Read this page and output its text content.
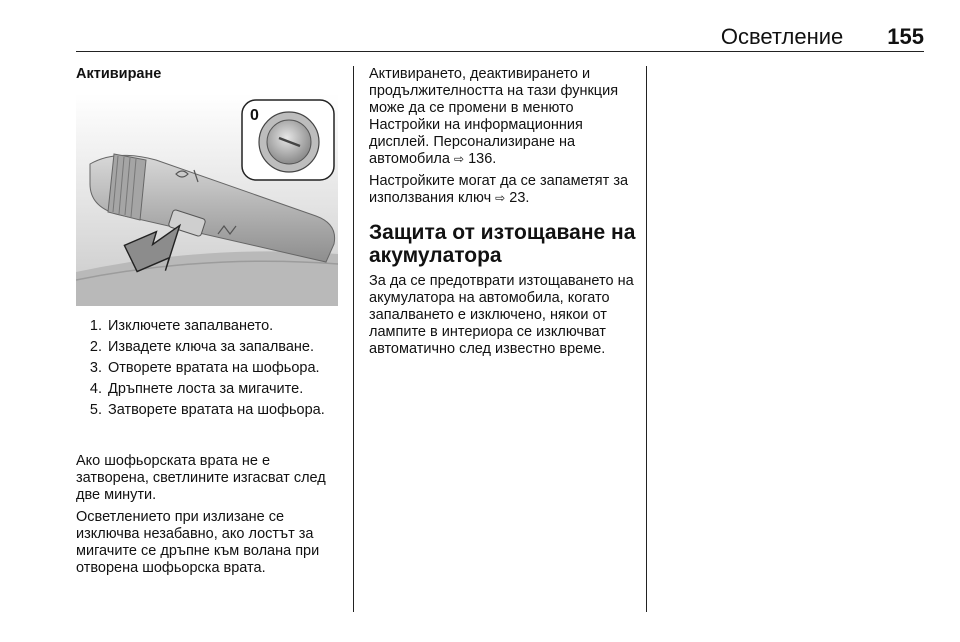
Осветление 155

Активиране

0
1. Изключете запалването.
2. Извадете ключа за запалване.
3. Отворете вратата на шофьора.
4. Дръпнете лоста за мигачите.
5. Затворете вратата на шофьора.

Ако шофьорската врата не е затворена, светлините изгасват след две минути.

Осветлението при излизане се изключва незабавно, ако лостът за мигачите се дръпне към волана при отворена шофьорска врата.

Активирането, деактивирането и продължителността на тази функция може да се промени в менюто Настройки на информационния дисплей. Персонализиране на автомобила ⇨ 136.

Настройките могат да се запаметят за използвания ключ ⇨ 23.

Защита от изтощаване на акумулатора

За да се предотврати изтощаването на акумулатора на автомобила, когато запалването е изключено, някои от лампите в интериора се изключват автоматично след известно време.
